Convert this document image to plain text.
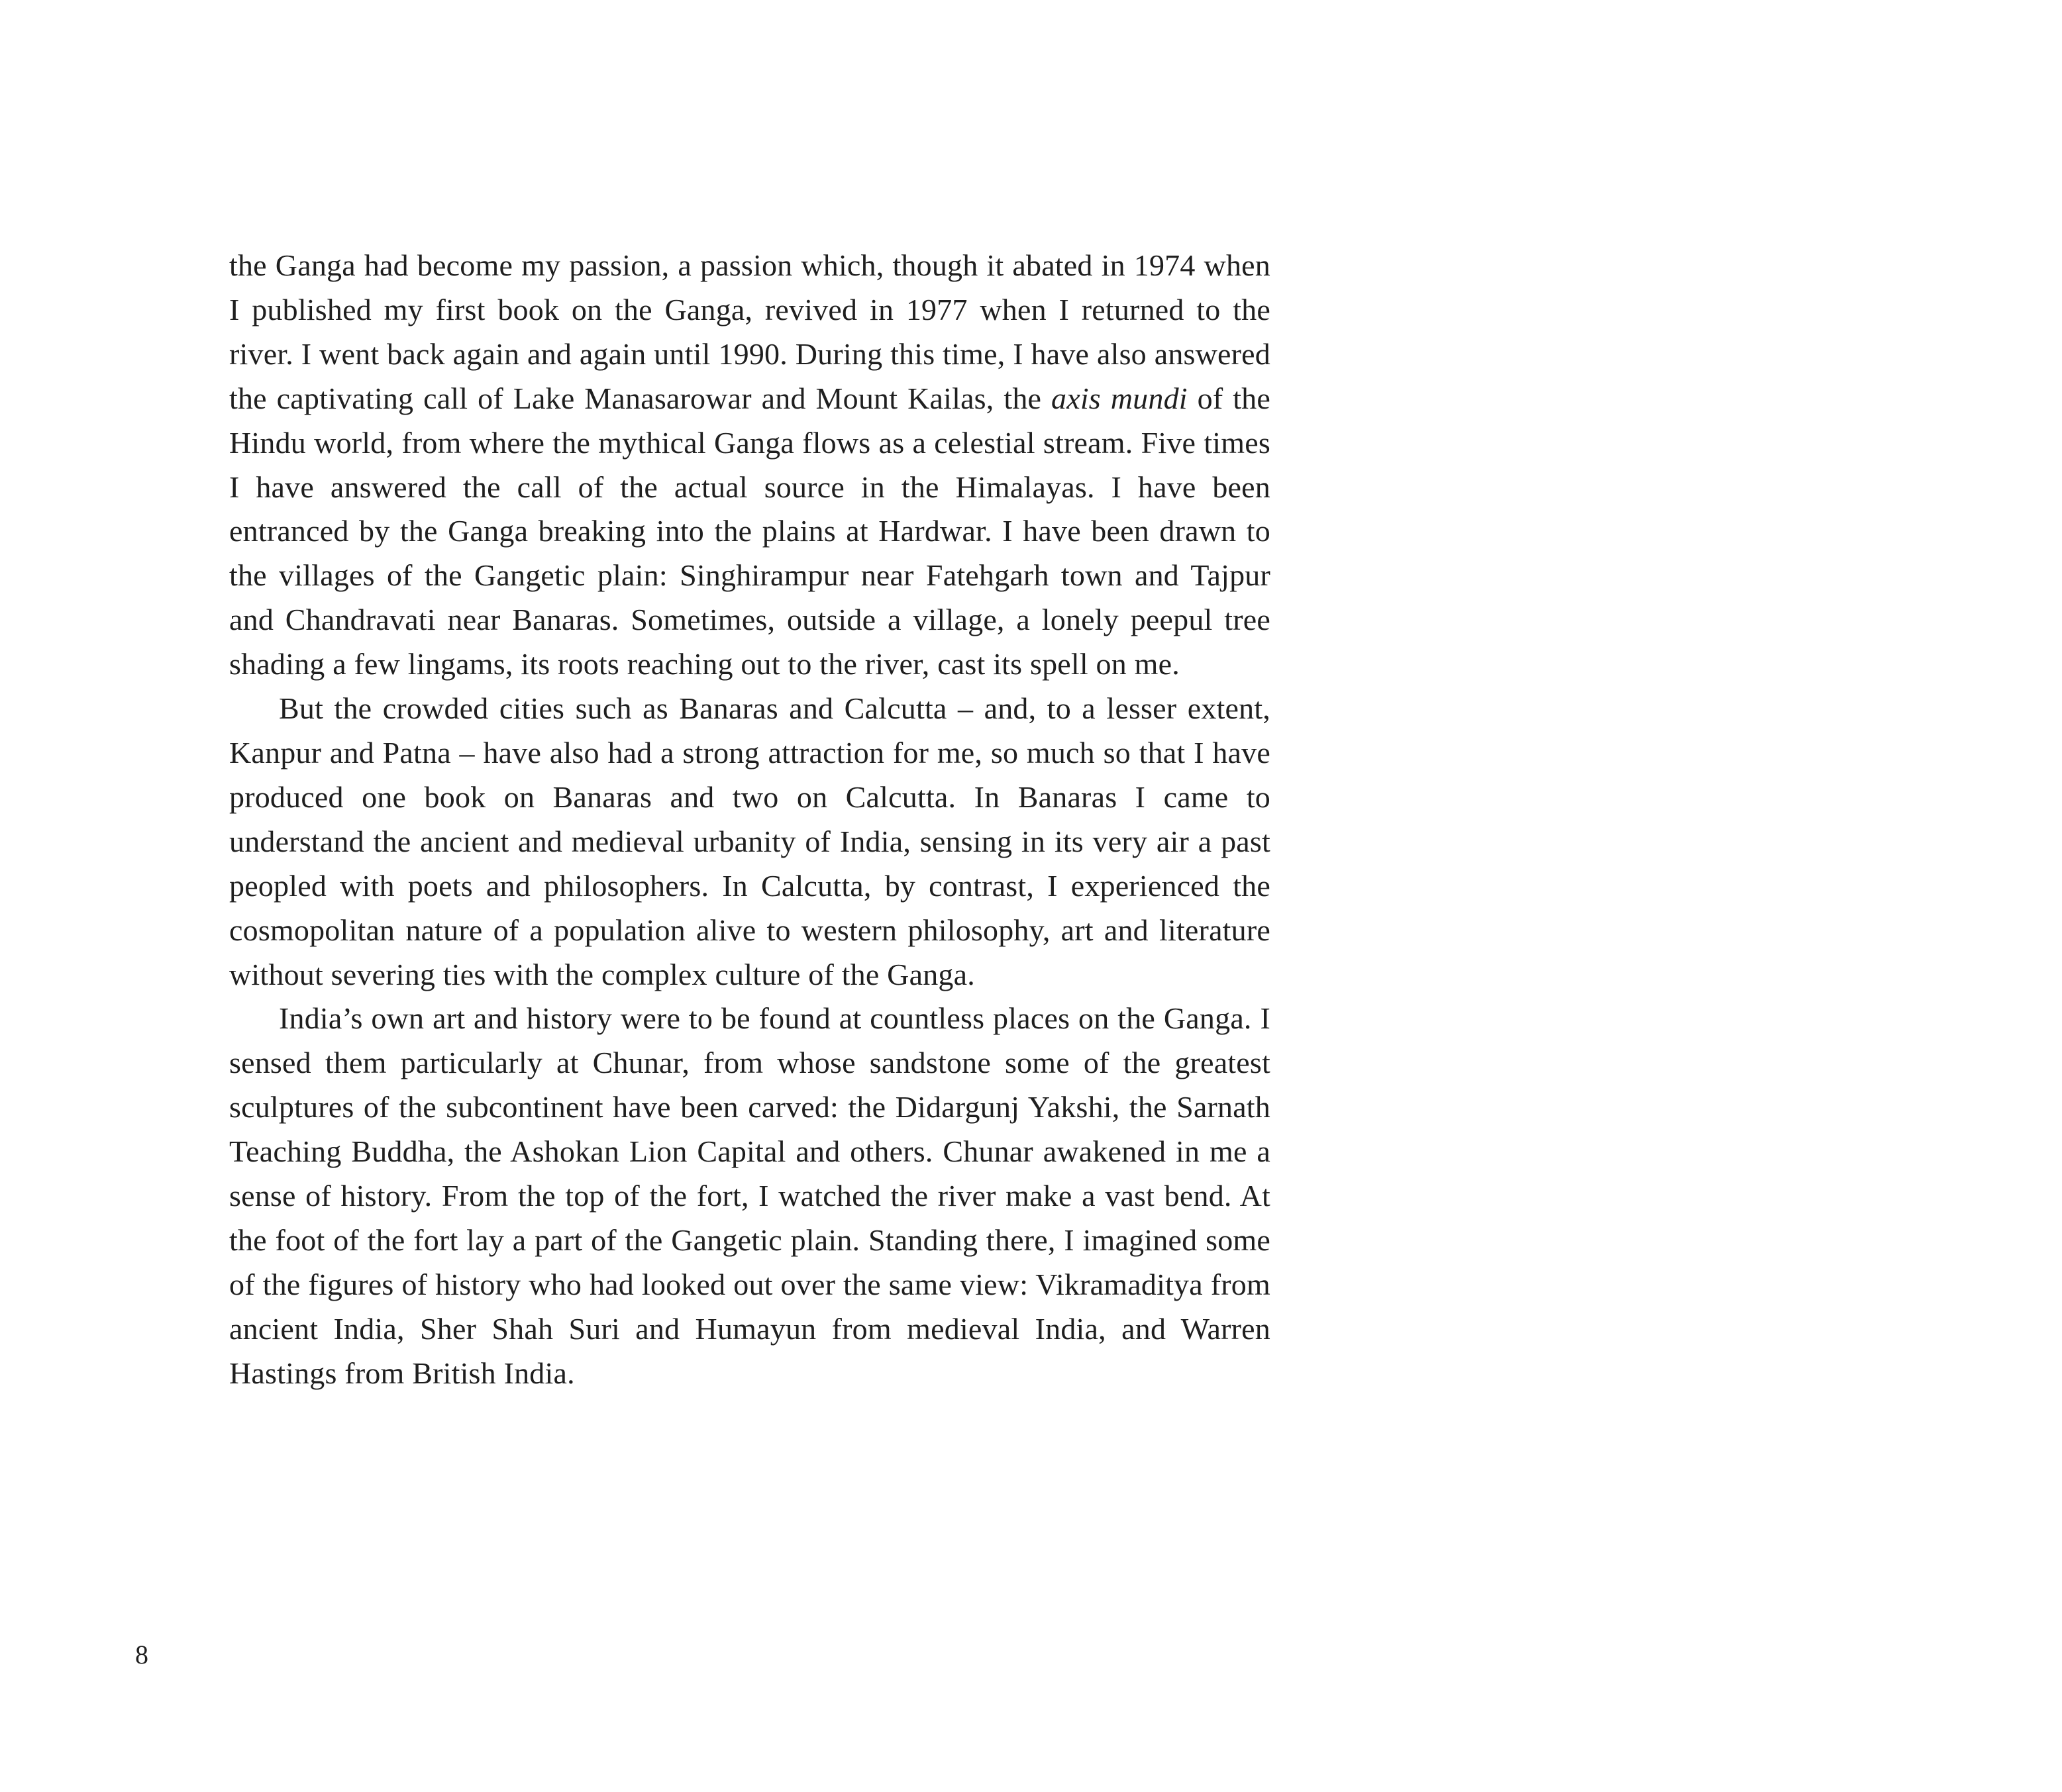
the Ganga had become my passion, a passion which, though it abated in 1974 when I published my first book on the Ganga, revived in 1977 when I returned to the river. I went back again and again until 1990. During this time, I have also answered the captivating call of Lake Manasarowar and Mount Kailas, the axis mundi of the Hindu world, from where the mythical Ganga flows as a celestial stream. Five times I have answered the call of the actual source in the Himalayas. I have been entranced by the Ganga breaking into the plains at Hardwar. I have been drawn to the villages of the Gangetic plain: Singhirampur near Fatehgarh town and Tajpur and Chandravati near Banaras. Sometimes, outside a village, a lonely peepul tree shading a few lingams, its roots reaching out to the river, cast its spell on me.

But the crowded cities such as Banaras and Calcutta – and, to a lesser extent, Kanpur and Patna – have also had a strong attraction for me, so much so that I have produced one book on Banaras and two on Calcutta. In Banaras I came to understand the ancient and medieval urbanity of India, sensing in its very air a past peopled with poets and philosophers. In Calcutta, by contrast, I experienced the cosmopolitan nature of a population alive to western philosophy, art and literature without severing ties with the complex culture of the Ganga.

India’s own art and history were to be found at countless places on the Ganga. I sensed them particularly at Chunar, from whose sandstone some of the greatest sculptures of the subcontinent have been carved: the Didargunj Yakshi, the Sarnath Teaching Buddha, the Ashokan Lion Capital and others. Chunar awakened in me a sense of history. From the top of the fort, I watched the river make a vast bend. At the foot of the fort lay a part of the Gangetic plain. Standing there, I imagined some of the figures of history who had looked out over the same view: Vikramaditya from ancient India, Sher Shah Suri and Humayun from medieval India, and Warren Hastings from British India.

8
